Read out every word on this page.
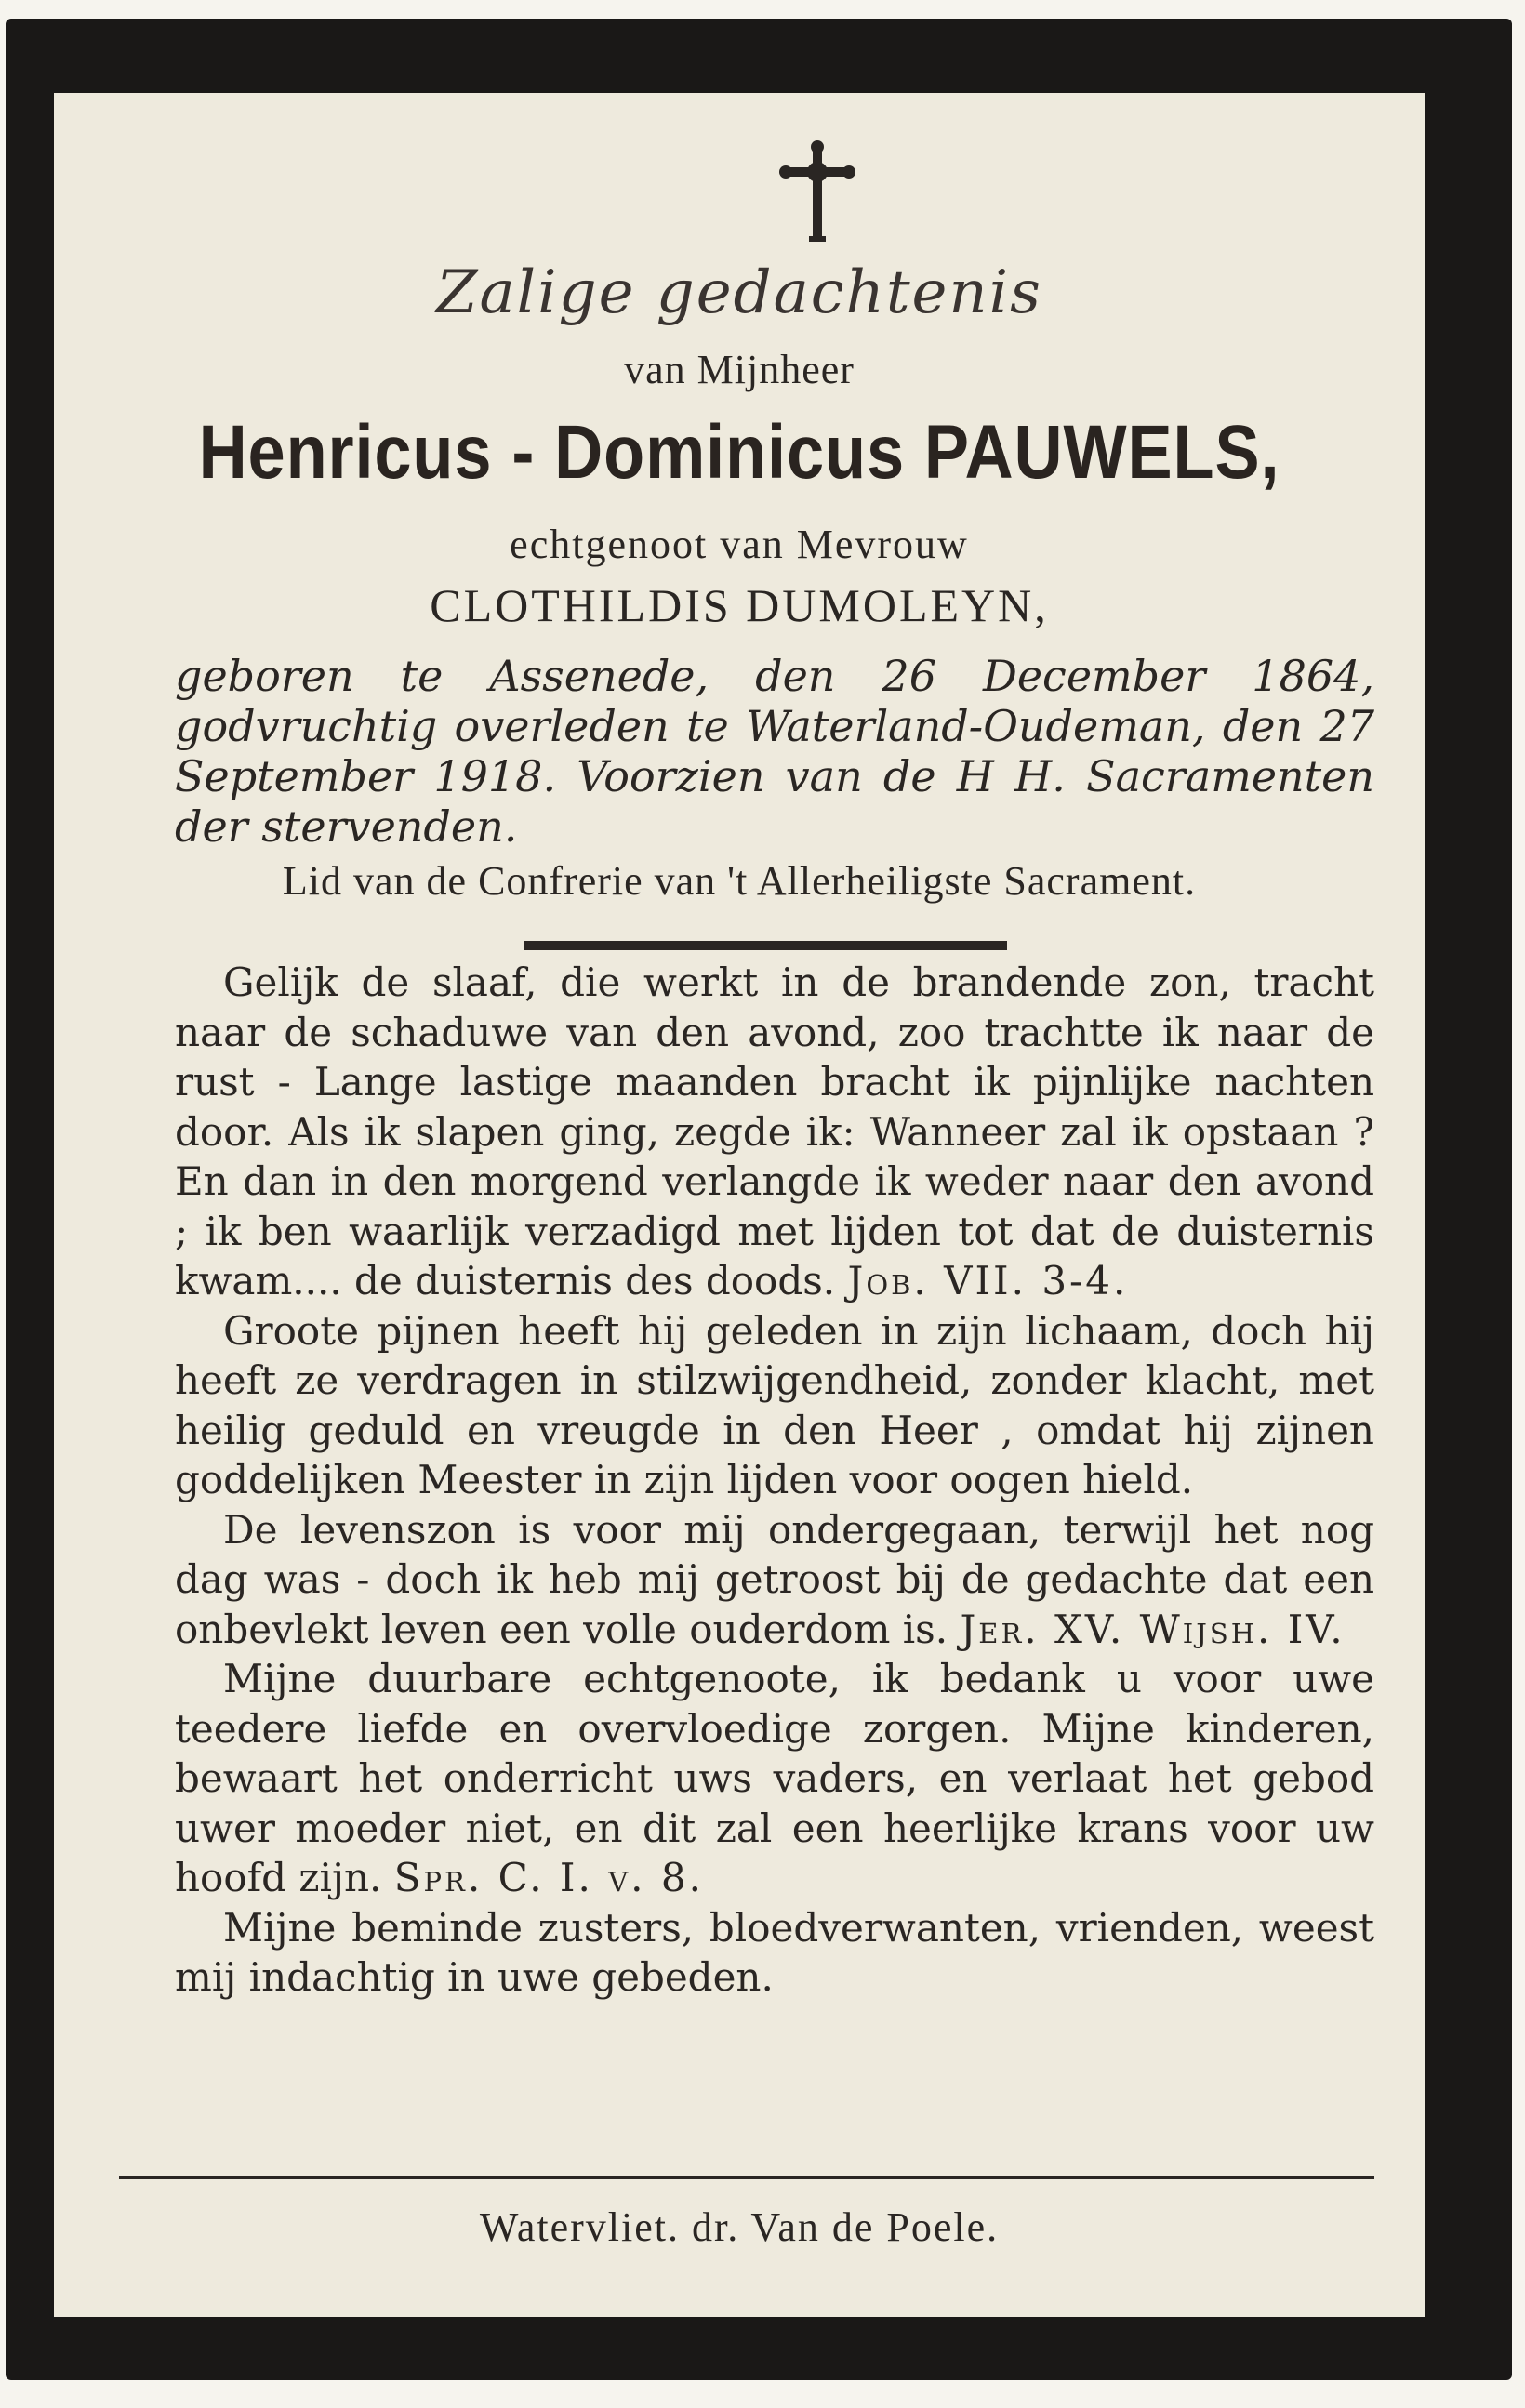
Zalige gedachtenis
van Mijnheer
Henricus - Dominicus PAUWELS,
echtgenoot van Mevrouw
CLOTHILDIS DUMOLEYN,
geboren te Assenede, den 26 December 1864, godvruchtig overleden te Waterland-Oudeman, den 27 September 1918. Voorzien van de H H. Sacramenten der stervenden.
Lid van de Confrerie van 't Allerheiligste Sacrament.

Gelijk de slaaf, die werkt in de brandende zon, tracht naar de schaduwe van den avond, zoo trachtte ik naar de rust - Lange lastige maanden bracht ik pijnlijke nachten door. Als ik slapen ging, zegde ik: Wanneer zal ik opstaan ? En dan in den morgend verlangde ik weder naar den avond ; ik ben waarlijk verzadigd met lijden tot dat de duisternis kwam.... de duisternis des doods. Job. VII. 3-4.

Groote pijnen heeft hij geleden in zijn lichaam, doch hij heeft ze verdragen in stilzwijgendheid, zonder klacht, met heilig geduld en vreugde in den Heer , omdat hij zijnen goddelijken Meester in zijn lijden voor oogen hield.

De levenszon is voor mij ondergegaan, terwijl het nog dag was - doch ik heb mij getroost bij de gedachte dat een onbevlekt leven een volle ouderdom is. Jer. XV. Wijsh. IV.

Mijne duurbare echtgenoote, ik bedank u voor uwe teedere liefde en overvloedige zorgen. Mijne kinderen, bewaart het onderricht uws vaders, en verlaat het gebod uwer moeder niet, en dit zal een heerlijke krans voor uw hoofd zijn. Spr. C. I. v. 8.

Mijne beminde zusters, bloedverwanten, vrienden, weest mij indachtig in uwe gebeden.

Watervliet. dr. Van de Poele.
